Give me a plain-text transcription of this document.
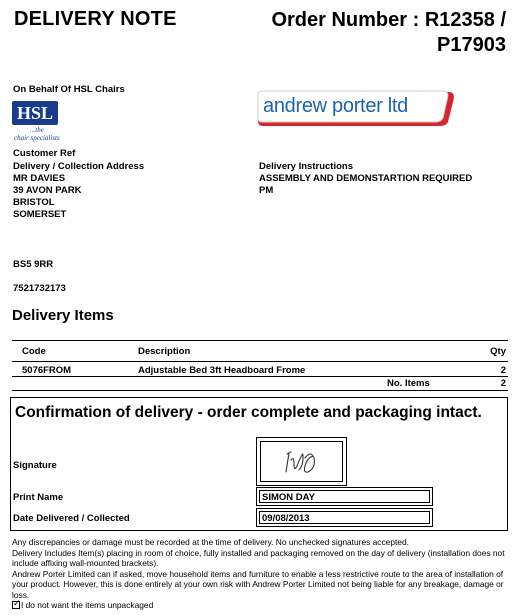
DELIVERY NOTE	Order Number : R12358 /
P17903
On Behalf Of HSL Chairs
HSL
...the
chair specialists
andrew porter ltd
Customer Ref
Delivery / Collection Address
MR DAVIES
39 AVON PARK
BRISTOL
SOMERSET
BS5 9RR
7521732173
Delivery Instructions
ASSEMBLY AND DEMONSTARTION REQUIRED
PM
Delivery Items
Code	Description	Qty
5076FROM	Adjustable Bed 3ft Headboard Frome	2
No. Items	2
Confirmation of delivery - order complete and packaging intact.
Signature
Print Name	SIMON DAY
Date Delivered / Collected	09/08/2013
Any discrepancies or damage must be recorded at the time of delivery. No unchecked signatures accepted.
Delivery Includes Item(s) placing in room of choice, fully installed and packaging removed on the day of delivery (installation does not include affixing wall-mounted brackets).
Andrew Porter Limited can if asked, move household items and furniture to enable a less restrictive route to the area of installation of your product. However, this is done entirely at your own risk with Andrew Porter Limited not being liable for any breakage, damage or loss.
✓ I do not want the items unpackaged
